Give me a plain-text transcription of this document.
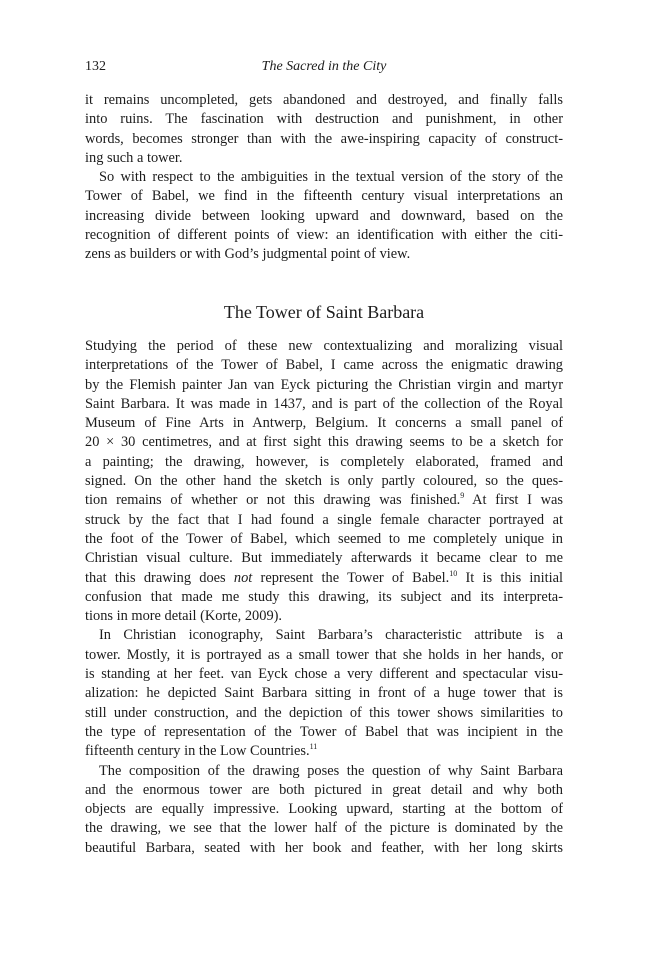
132	The Sacred in the City
it remains uncompleted, gets abandoned and destroyed, and finally falls
into ruins. The fascination with destruction and punishment, in other
words, becomes stronger than with the awe-inspiring capacity of construct-
ing such a tower.
So with respect to the ambiguities in the textual version of the story of the
Tower of Babel, we find in the fifteenth century visual interpretations an
increasing divide between looking upward and downward, based on the
recognition of different points of view: an identification with either the citi-
zens as builders or with God’s judgmental point of view.
The Tower of Saint Barbara
Studying the period of these new contextualizing and moralizing visual
interpretations of the Tower of Babel, I came across the enigmatic drawing
by the Flemish painter Jan van Eyck picturing the Christian virgin and martyr
Saint Barbara. It was made in 1437, and is part of the collection of the Royal
Museum of Fine Arts in Antwerp, Belgium. It concerns a small panel of
20 × 30 centimetres, and at first sight this drawing seems to be a sketch for
a painting; the drawing, however, is completely elaborated, framed and
signed. On the other hand the sketch is only partly coloured, so the ques-
tion remains of whether or not this drawing was finished.$^9$ At first I was
struck by the fact that I had found a single female character portrayed at
the foot of the Tower of Babel, which seemed to me completely unique in
Christian visual culture. But immediately afterwards it became clear to me
that this drawing does not represent the Tower of Babel.$^{10}$ It is this initial
confusion that made me study this drawing, its subject and its interpreta-
tions in more detail (Korte, 2009).
In Christian iconography, Saint Barbara’s characteristic attribute is a
tower. Mostly, it is portrayed as a small tower that she holds in her hands, or
is standing at her feet. van Eyck chose a very different and spectacular visu-
alization: he depicted Saint Barbara sitting in front of a huge tower that is
still under construction, and the depiction of this tower shows similarities to
the type of representation of the Tower of Babel that was incipient in the
fifteenth century in the Low Countries.$^{11}$
The composition of the drawing poses the question of why Saint Barbara
and the enormous tower are both pictured in great detail and why both
objects are equally impressive. Looking upward, starting at the bottom of
the drawing, we see that the lower half of the picture is dominated by the
beautiful Barbara, seated with her book and feather, with her long skirts
